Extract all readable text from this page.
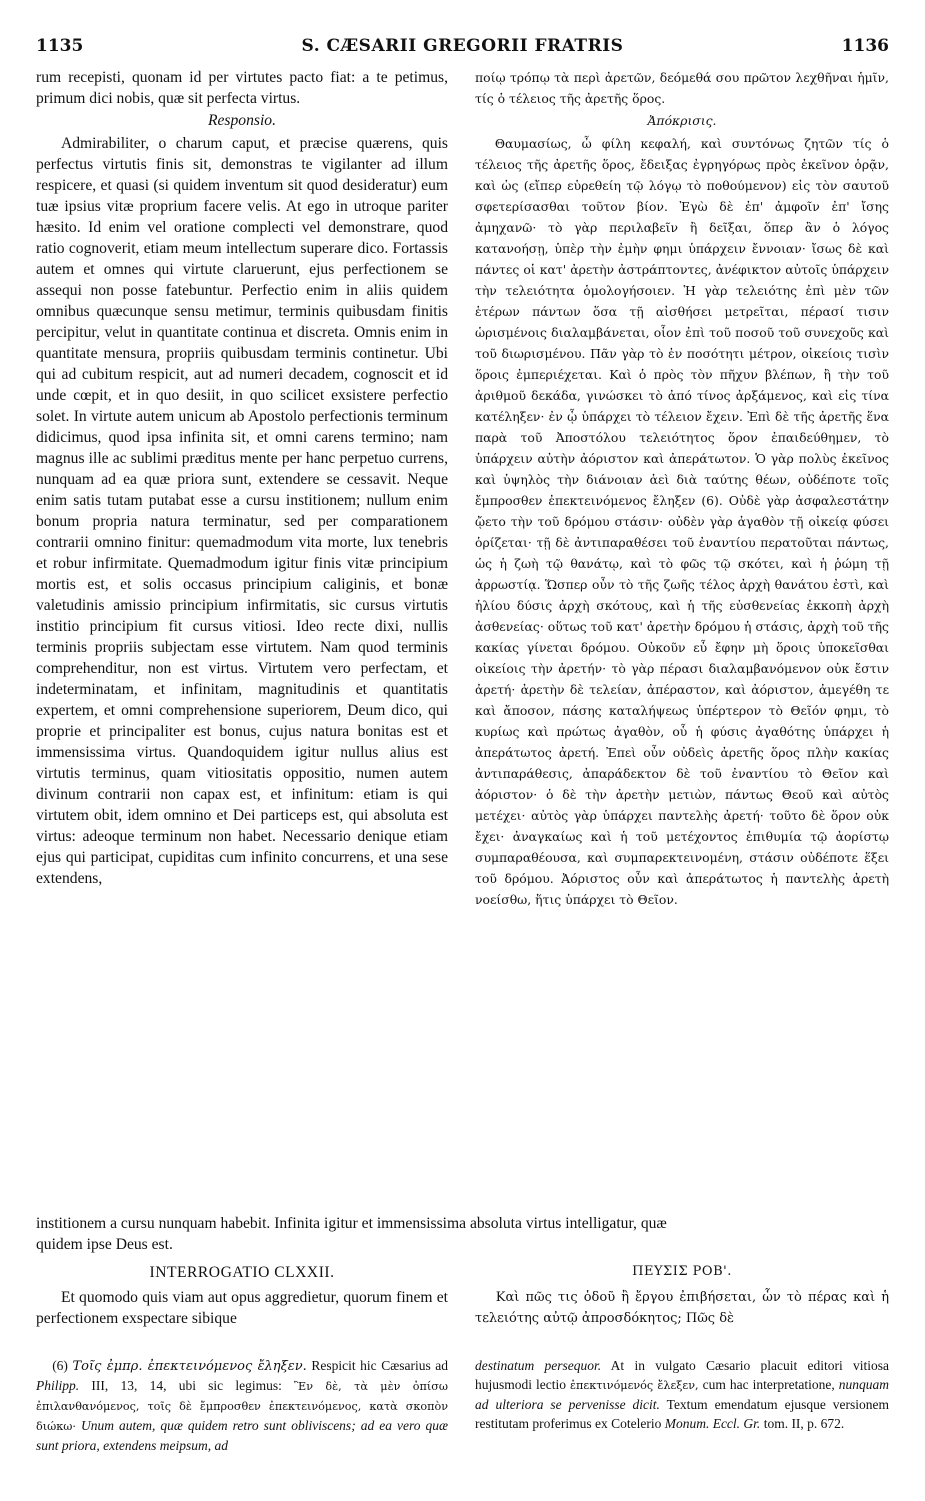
1135	S. CÆSARII GREGORII FRATRIS	1136

rum recepisti, quonam id per virtutes pacto fiat: a te petimus, primum dici nobis, quæ sit perfecta virtus.

Responsio.

Admirabiliter, o charum caput, et præcise quærens, quis perfectus virtutis finis sit, demonstras te vigilanter ad illum respicere, et quasi (si quidem inventum sit quod desideratur) eum tuæ ipsius vitæ proprium facere velis. At ego in utroque pariter hæsito. Id enim vel oratione complecti vel demonstrare, quod ratio cognoverit, etiam meum intellectum superare dico. Fortassis autem et omnes qui virtute claruerunt, ejus perfectionem se assequi non posse fatebuntur. Perfectio enim in aliis quidem omnibus quæcunque sensu metimur, terminis quibusdam finitis percipitur, velut in quantitate continua et discreta. Omnis enim in quantitate mensura, propriis quibusdam terminis continetur. Ubi qui ad cubitum respicit, aut ad numeri decadem, cognoscit et id unde cœpit, et in quo desiit, in quo scilicet exsistere perfectio solet. In virtute autem unicum ab Apostolo perfectionis terminum didicimus, quod ipsa infinita sit, et omni carens termino; nam magnus ille ac sublimi præditus mente per hanc perpetuo currens, nunquam ad ea quæ priora sunt, extendere se cessavit. Neque enim satis tutam putabat esse a cursu institionem; nullum enim bonum propria natura terminatur, sed per comparationem contrarii omnino finitur: quemadmodum vita morte, lux tenebris et robur infirmitate. Quemadmodum igitur finis vitæ principium mortis est, et solis occasus principium caliginis, et bonæ valetudinis amissio principium infirmitatis, sic cursus virtutis institio principium fit cursus vitiosi. Ideo recte dixi, nullis terminis propriis subjectam esse virtutem. Nam quod terminis comprehenditur, non est virtus. Virtutem vero perfectam, et indeterminatam, et infinitam, magnitudinis et quantitatis expertem, et omni comprehensione superiorem, Deum dico, qui proprie et principaliter est bonus, cujus natura bonitas est et immensissima virtus. Quandoquidem igitur nullus alius est virtutis terminus, quam vitiositatis oppositio, numen autem divinum contrarii non capax est, et infinitum: etiam is qui virtutem obit, idem omnino et Dei particeps est, qui absoluta est virtus: adeoque terminum non habet. Necessario denique etiam ejus qui participat, cupiditas cum infinito concurrens, et una sese extendens,

ποίῳ τρόπῳ τὰ περὶ ἀρετῶν, δεόμεθά σου πρῶτον λεχθῆναι ἡμῖν, τίς ὁ τέλειος τῆς ἀρετῆς ὅρος.

Ἀπόκρισις.

Θαυμασίως, ὦ φίλη κεφαλή, καὶ συντόνως ζητῶν τίς ὁ τέλειος τῆς ἀρετῆς ὅρος, ἔδειξας ἐγρηγόρως πρὸς ἐκεῖνον ὁρᾷν, καὶ ὡς (εἴπερ εὑρεθείη τῷ λόγῳ τὸ ποθούμενον) εἰς τὸν σαυτοῦ σφετερίσασθαι τοῦτον βίον. Ἐγὼ δὲ ἐπ' ἀμφοῖν ἐπ' ἴσης ἀμηχανῶ· τὸ γὰρ περιλαβεῖν ἢ δεῖξαι, ὅπερ ἂν ὁ λόγος κατανοήσῃ, ὑπὲρ τὴν ἐμὴν φημι ὑπάρχειν ἔννοιαν· ἴσως δὲ καὶ πάντες οἱ κατ' ἀρετὴν ἀστράπτοντες, ἀνέφικτον αὐτοῖς ὑπάρχειν τὴν τελειότητα ὁμολογήσοιεν. Ἡ γὰρ τελειότης ἐπὶ μὲν τῶν ἑτέρων πάντων ὅσα τῇ αἰσθήσει μετρεῖται, πέρασί τισιν ὡρισμένοις διαλαμβάνεται, οἷον ἐπὶ τοῦ ποσοῦ τοῦ συνεχοῦς καὶ τοῦ διωρισμένου. Πᾶν γὰρ τὸ ἐν ποσότητι μέτρον, οἰκείοις τισὶν ὅροις ἐμπεριέχεται. Καὶ ὁ πρὸς τὸν πῆχυν βλέπων, ἢ τὴν τοῦ ἀριθμοῦ δεκάδα, γινώσκει τὸ ἀπό τίνος ἀρξάμενος, καὶ εἰς τίνα κατέληξεν· ἐν ᾧ ὑπάρχει τὸ τέλειον ἔχειν. Ἐπὶ δὲ τῆς ἀρετῆς ἕνα παρὰ τοῦ Ἀποστόλου τελειότητος ὅρον ἐπαιδεύθημεν, τὸ ὑπάρχειν αὐτὴν ἀόριστον καὶ ἀπεράτωτον. Ὁ γὰρ πολὺς ἐκεῖνος καὶ ὑψηλὸς τὴν διάνοιαν ἀεὶ διὰ ταύτης θέων, οὐδέποτε τοῖς ἔμπροσθεν ἐπεκτεινόμενος ἔληξεν (6). Οὐδὲ γὰρ ἀσφαλεστάτην ᾤετο τὴν τοῦ δρόμου στάσιν· οὐδὲν γὰρ ἀγαθὸν τῇ οἰκείᾳ φύσει ὁρίζεται· τῇ δὲ ἀντιπαραθέσει τοῦ ἐναντίου περατοῦται πάντως, ὡς ἡ ζωὴ τῷ θανάτῳ, καὶ τὸ φῶς τῷ σκότει, καὶ ἡ ῥώμη τῇ ἀρρωστίᾳ. Ὥσπερ οὖν τὸ τῆς ζωῆς τέλος ἀρχὴ θανάτου ἐστὶ, καὶ ἡλίου δύσις ἀρχὴ σκότους, καὶ ἡ τῆς εὐσθενείας ἐκκοπὴ ἀρχὴ ἀσθενείας· οὕτως τοῦ κατ' ἀρετὴν δρόμου ἡ στάσις, ἀρχὴ τοῦ τῆς κακίας γίνεται δρόμου. Οὐκοῦν εὖ ἔφην μὴ ὅροις ὑποκεῖσθαι οἰκείοις τὴν ἀρετήν· τὸ γὰρ πέρασι διαλαμβανόμενον οὐκ ἔστιν ἀρετή· ἀρετὴν δὲ τελείαν, ἀπέραστον, καὶ ἀόριστον, ἀμεγέθη τε καὶ ἄποσον, πάσης καταλήψεως ὑπέρτερον τὸ Θεῖόν φημι, τὸ κυρίως καὶ πρώτως ἀγαθὸν, οὗ ἡ φύσις ἀγαθότης ὑπάρχει ἡ ἀπεράτωτος ἀρετή. Ἐπεὶ οὖν οὐδεὶς ἀρετῆς ὅρος πλὴν κακίας ἀντιπαράθεσις, ἀπαράδεκτον δὲ τοῦ ἐναντίου τὸ Θεῖον καὶ ἀόριστον· ὁ δὲ τὴν ἀρετὴν μετιὼν, πάντως Θεοῦ καὶ αὐτὸς μετέχει· αὐτὸς γὰρ ὑπάρχει παντελὴς ἀρετή· τοῦτο δὲ ὅρον οὐκ ἔχει· ἀναγκαίως καὶ ἡ τοῦ μετέχοντος ἐπιθυμία τῷ ἀορίστῳ συμπαραθέουσα, καὶ συμπαρεκτεινομένη, στάσιν οὐδέποτε ἕξει τοῦ δρόμου. Ἀόριστος οὖν καὶ ἀπεράτωτος ἡ παντελὴς ἀρετὴ νοείσθω, ἥτις ὑπάρχει τὸ Θεῖον.

institionem a cursu nunquam habebit. Infinita igitur et immensissima absoluta virtus intelligatur, quæ
quidem ipse Deus est.
INTERROGATIO CLXXII.	ΠΕΥΣΙΣ ΡΟΒ'.

Et quomodo quis viam aut opus aggredietur, quorum finem et perfectionem exspectare sibique

Καὶ πῶς τις ὁδοῦ ἢ ἔργου ἐπιβήσεται, ὧν τὸ πέρας καὶ ἡ τελειότης αὐτῷ ἀπροσδόκητος; Πῶς δὲ

(6) Τοῖς ἐμπρ. ἐπεκτεινόμενος ἔληξεν. Respicit hic Cæsarius ad Philipp. III, 13, 14, ubi sic legimus: Ἓν δὲ, τὰ μὲν ὀπίσω ἐπιλανθανόμενος, τοῖς δὲ ἔμπροσθεν ἐπεκτεινόμενος, κατὰ σκοπὸν διώκω· Unum autem, quæ quidem retro sunt obliviscens; ad ea vero quæ sunt priora, extendens meipsum, ad
destinatum persequor. At in vulgato Cæsario placuit editori vitiosa hujusmodi lectio ἐπεκτινόμενός ἔλεξεν, cum hac interpretatione, nunquam ad ulteriora se pervenisse dicit. Textum emendatum ejusque versionem restitutam proferimus ex Cotelerio Monum. Eccl. Gr. tom. II, p. 672.
